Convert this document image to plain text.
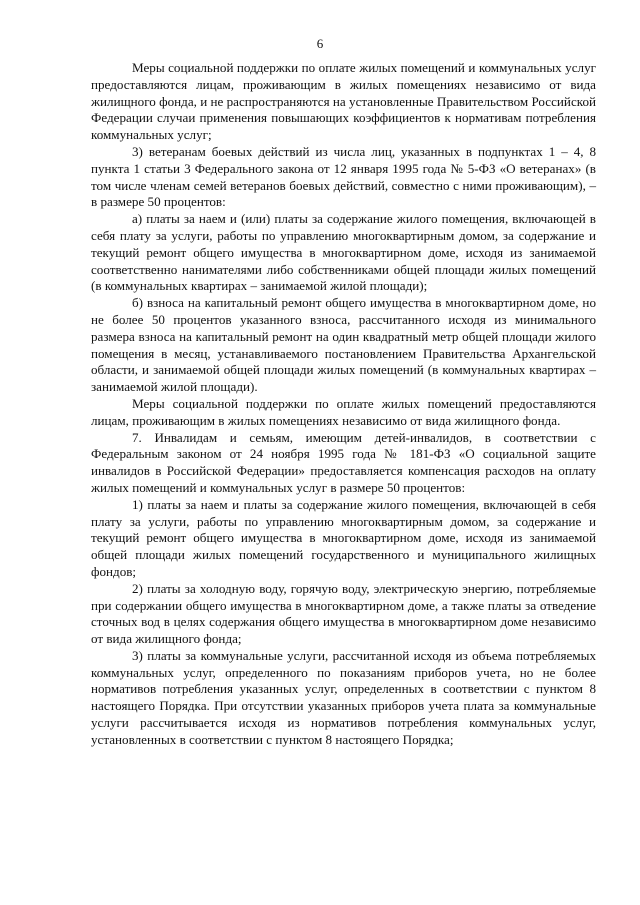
6

Меры социальной поддержки по оплате жилых помещений и коммунальных услуг предоставляются лицам, проживающим в жилых помещениях независимо от вида жилищного фонда, и не распространяются на установленные Правительством Российской Федерации случаи применения повышающих коэффициентов к нормативам потребления коммунальных услуг;

3) ветеранам боевых действий из числа лиц, указанных в подпунктах 1 – 4, 8 пункта 1 статьи 3 Федерального закона от 12 января 1995 года № 5-ФЗ «О ветеранах» (в том числе членам семей ветеранов боевых действий, совместно с ними проживающим), – в размере 50 процентов:

а) платы за наем и (или) платы за содержание жилого помещения, включающей в себя плату за услуги, работы по управлению многоквартирным домом, за содержание и текущий ремонт общего имущества в многоквартирном доме, исходя из занимаемой соответственно нанимателями либо собственниками общей площади жилых помещений (в коммунальных квартирах – занимаемой жилой площади);

б) взноса на капитальный ремонт общего имущества в многоквартирном доме, но не более 50 процентов указанного взноса, рассчитанного исходя из минимального размера взноса на капитальный ремонт на один квадратный метр общей площади жилого помещения в месяц, устанавливаемого постановлением Правительства Архангельской области, и занимаемой общей площади жилых помещений (в коммунальных квартирах – занимаемой жилой площади).

Меры социальной поддержки по оплате жилых помещений предоставляются лицам, проживающим в жилых помещениях независимо от вида жилищного фонда.

7. Инвалидам и семьям, имеющим детей-инвалидов, в соответствии с Федеральным законом от 24 ноября 1995 года № 181-ФЗ «О социальной защите инвалидов в Российской Федерации» предоставляется компенсация расходов на оплату жилых помещений и коммунальных услуг в размере 50 процентов:

1) платы за наем и платы за содержание жилого помещения, включающей в себя плату за услуги, работы по управлению многоквартирным домом, за содержание и текущий ремонт общего имущества в многоквартирном доме, исходя из занимаемой общей площади жилых помещений государственного и муниципального жилищных фондов;

2) платы за холодную воду, горячую воду, электрическую энергию, потребляемые при содержании общего имущества в многоквартирном доме, а также платы за отведение сточных вод в целях содержания общего имущества в многоквартирном доме независимо от вида жилищного фонда;

3) платы за коммунальные услуги, рассчитанной исходя из объема потребляемых коммунальных услуг, определенного по показаниям приборов учета, но не более нормативов потребления указанных услуг, определенных в соответствии с пунктом 8 настоящего Порядка. При отсутствии указанных приборов учета плата за коммунальные услуги рассчитывается исходя из нормативов потребления коммунальных услуг, установленных в соответствии с пунктом 8 настоящего Порядка;
